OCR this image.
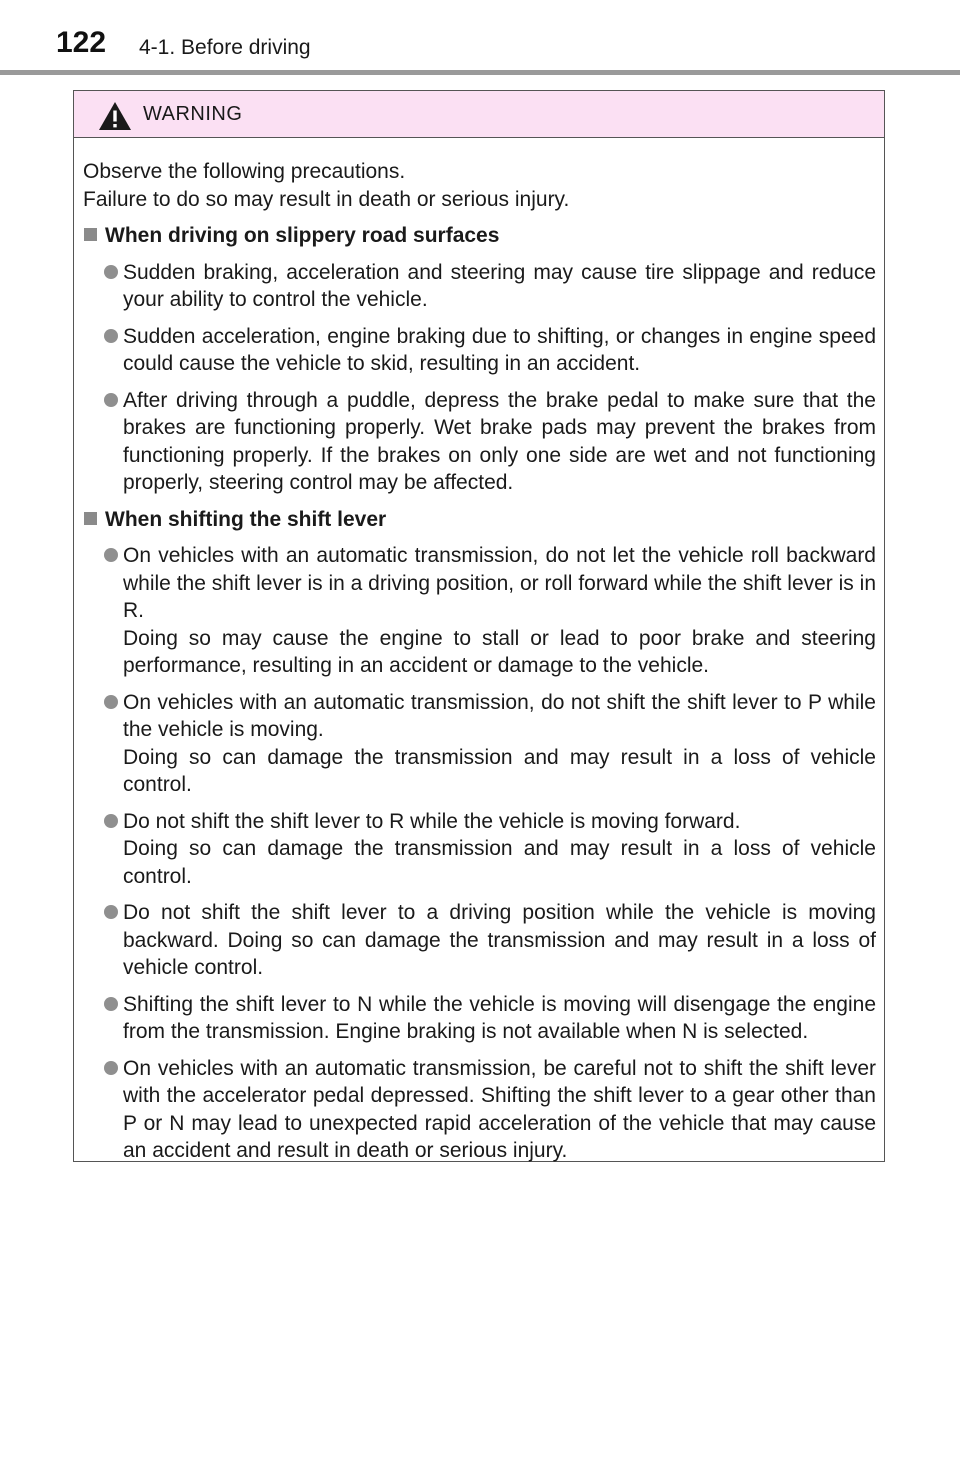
122 4-1. Before driving
WARNING

Observe the following precautions.

Failure to do so may result in death or serious injury.

When driving on slippery road surfaces

Sudden braking, acceleration and steering may cause tire slippage and reduce your ability to control the vehicle.

Sudden acceleration, engine braking due to shifting, or changes in engine speed could cause the vehicle to skid, resulting in an accident.

After driving through a puddle, depress the brake pedal to make sure that the brakes are functioning properly. Wet brake pads may prevent the brakes from functioning properly. If the brakes on only one side are wet and not functioning properly, steering control may be affected.

When shifting the shift lever

On vehicles with an automatic transmission, do not let the vehicle roll backward while the shift lever is in a driving position, or roll forward while the shift lever is in R.

Doing so may cause the engine to stall or lead to poor brake and steering performance, resulting in an accident or damage to the vehicle.

On vehicles with an automatic transmission, do not shift the shift lever to P while the vehicle is moving.

Doing so can damage the transmission and may result in a loss of vehicle control.

Do not shift the shift lever to R while the vehicle is moving forward.

Doing so can damage the transmission and may result in a loss of vehicle control.

Do not shift the shift lever to a driving position while the vehicle is moving backward. Doing so can damage the transmission and may result in a loss of vehicle control.

Shifting the shift lever to N while the vehicle is moving will disengage the engine from the transmission. Engine braking is not available when N is selected.

On vehicles with an automatic transmission, be careful not to shift the shift lever with the accelerator pedal depressed. Shifting the shift lever to a gear other than P or N may lead to unexpected rapid acceleration of the vehicle that may cause an accident and result in death or serious injury.
